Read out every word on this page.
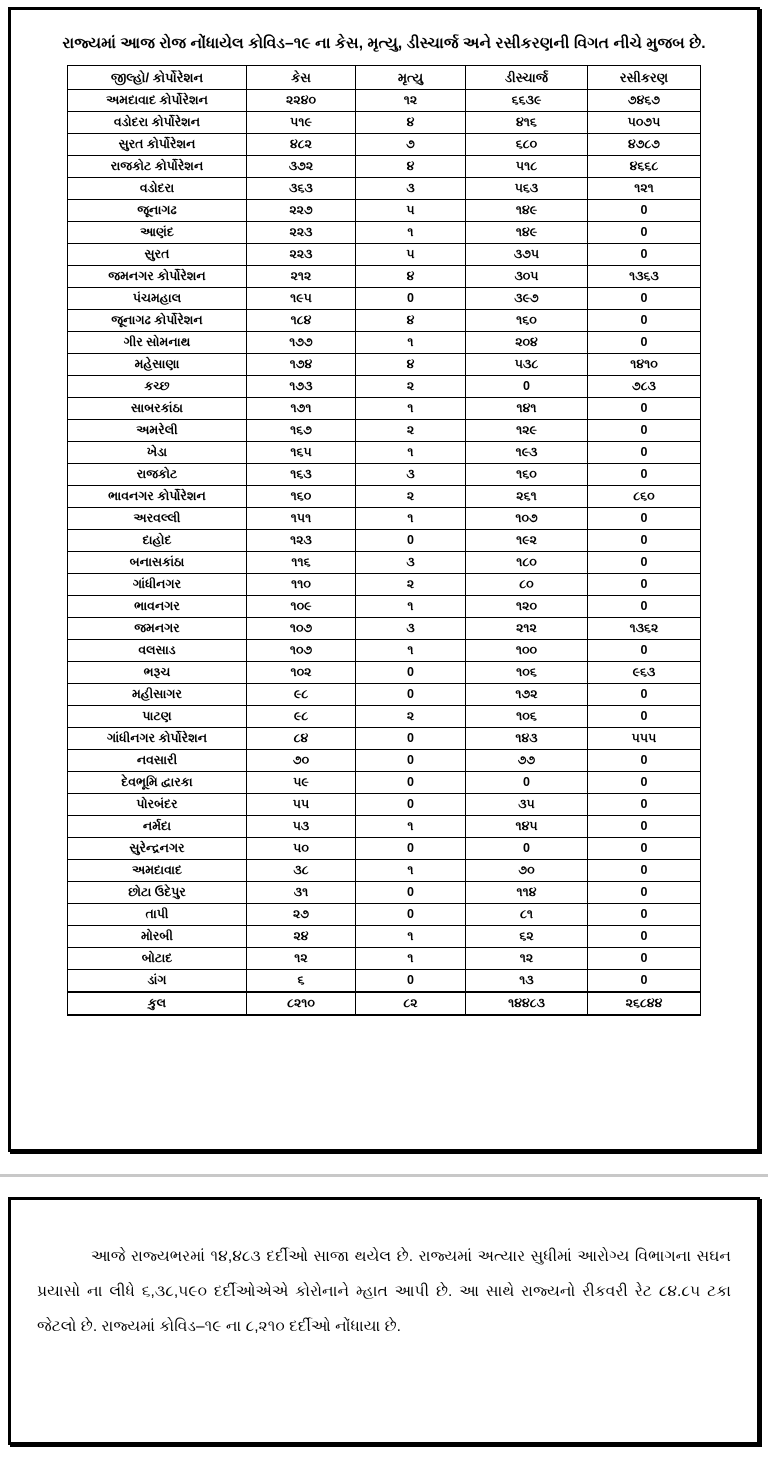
રાજ્યમાં આજ રોજ નોંધાયેલ કોવિડ–૧૯ ના કેસ, મૃત્યુ, ડીસ્ચાર્જ અને રસીકરણની વિગત નીચે મુજબ છે.
જીલ્હો/ કોર્પોરેશન	કેસ	મૃત્યુ	ડીસ્ચાર્જ	રસીકરણ
અમદાવાદ કોર્પોરેશન	૨૨૪૦	૧૨	૬૬૩૯	૭૪૬૭
વડોદરા કોર્પોરેશન	૫૧૯	૪	૪૧૬	૫૦૭૫
સુરત કોર્પોરેશન	૪૮૨	૭	૬૮૦	૪૭૮૭
રાજકોટ કોર્પોરેશન	૩૭૨	૪	૫૧૮	૪૬૬૮
વડોદરા	૩૬૩	૩	૫૬૩	૧૨૧
જૂનાગઢ	૨૨૭	૫	૧૪૯	0
આણંદ	૨૨૩	૧	૧૪૯	0
સુરત	૨૨૩	૫	૩૭૫	0
જમનગર કોર્પોરેશન	૨૧૨	૪	૩૦૫	૧૩૬૩
પંચમહાલ	૧૯૫	0	૩૯૭	0
જૂનાગઢ કોર્પોરેશન	૧૮૪	૪	૧૬૦	0
ગીર સોમનાથ	૧૭૭	૧	૨૦૪	0
મહેસાણા	૧૭૪	૪	૫૩૮	૧૪૧૦
કચ્છ	૧૭૩	૨	0	૭૮૩
સાબરકાંઠા	૧૭૧	૧	૧૪૧	0
અમરેલી	૧૬૭	૨	૧૨૯	0
ખેડા	૧૬૫	૧	૧૯૩	0
રાજકોટ	૧૬૩	૩	૧૬૦	0
ભાવનગર કોર્પોરેશન	૧૬૦	૨	૨૬૧	૮૬૦
અરવલ્લી	૧૫૧	૧	૧૦૭	0
દાહોદ	૧૨૩	0	૧૯૨	0
બનાસકાંઠા	૧૧૬	૩	૧૮૦	0
ગાંધીનગર	૧૧૦	૨	૮૦	0
ભાવનગર	૧૦૯	૧	૧૨૦	0
જમનગર	૧૦૭	૩	૨૧૨	૧૩૬૨
વલસાડ	૧૦૭	૧	૧૦૦	0
ભરૂચ	૧૦૨	0	૧૦૬	૯૬૩
મહીસાગર	૯૮	0	૧૭૨	0
પાટણ	૯૮	૨	૧૦૬	0
ગાંધીનગર કોર્પોરેશન	૮૪	0	૧૪૩	૫૫૫
નવસારી	૭૦	0	૭૭	0
દેવભૂમિ દ્વારકા	૫૯	0	0	0
પોરબંદર	૫૫	0	૩૫	0
નર્મદા	૫૩	૧	૧૪૫	0
સુરેન્દ્રનગર	૫૦	0	0	0
અમદાવાદ	૩૮	૧	૭૦	0
છોટા ઉદેપુર	૩૧	0	૧૧૪	0
તાપી	૨૭	0	૮૧	0
મોરબી	૨૪	૧	૬૨	0
બોટાદ	૧૨	૧	૧૨	0
ડાંગ	૬	0	૧૩	0
કુલ	૮૨૧૦	૮૨	૧૪૪૮૩	૨૬૮૪૪

આજે રાજ્યભરમાં ૧૪,૪૮૩ દર્દીઓ સાજા થયેલ છે. રાજ્યમાં અત્યાર સુધીમાં આરોગ્ય વિભાગના સઘન પ્રયાસો ના લીધે ૬,૩૮,૫૯૦ દર્દીઓએએ કોરોનાને મ્હાત આપી છે. આ સાથે રાજ્યનો રીકવરી રેટ ૮૪.૮૫ ટકા જેટલો છે. રાજ્યમાં કોવિડ–૧૯ ના ૮,૨૧૦ દર્દીઓ નોંધાયા છે.
